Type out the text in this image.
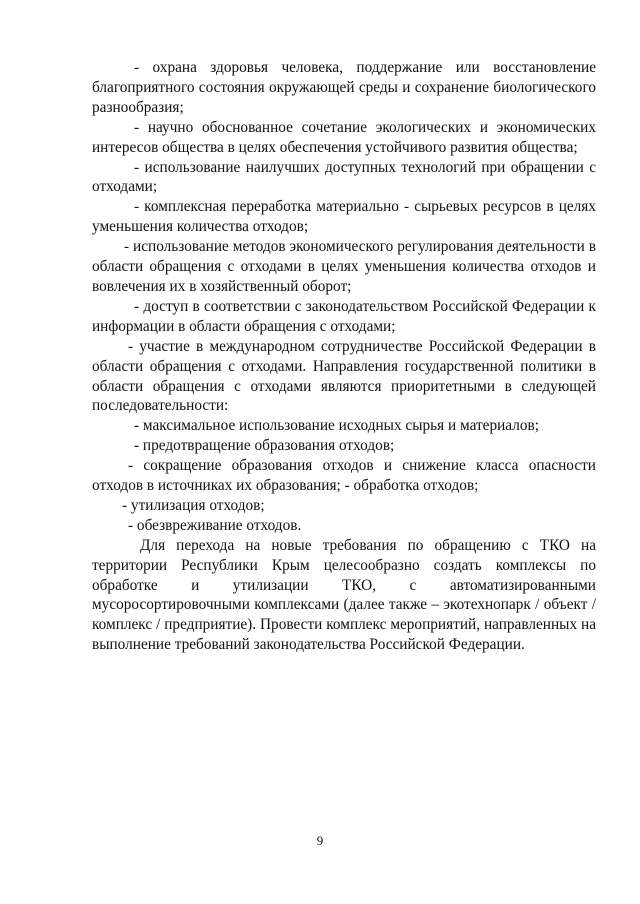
- охрана здоровья человека, поддержание или восстановление благоприятного состояния окружающей среды и сохранение биологического разнообразия;

- научно обоснованное сочетание экологических и экономических интересов общества в целях обеспечения устойчивого развития общества;

- использование наилучших доступных технологий при обращении с отходами;

- комплексная переработка материально - сырьевых ресурсов в целях уменьшения количества отходов;

- использование методов экономического регулирования деятельности в области обращения с отходами в целях уменьшения количества отходов и вовлечения их в хозяйственный оборот;

- доступ в соответствии с законодательством Российской Федерации к информации в области обращения с отходами;

- участие в международном сотрудничестве Российской Федерации в области обращения с отходами. Направления государственной политики в области обращения с отходами являются приоритетными в следующей последовательности:

- максимальное использование исходных сырья и материалов;

- предотвращение образования отходов;

- сокращение образования отходов и снижение класса опасности отходов в источниках их образования; - обработка отходов;

- утилизация отходов;

- обезвреживание отходов.

Для перехода на новые требования по обращению с ТКО на территории Республики Крым целесообразно создать комплексы по обработке и утилизации ТКО, с автоматизированными мусоросортировочными комплексами (далее также – экотехнопарк / объект / комплекс / предприятие). Провести комплекс мероприятий, направленных на выполнение требований законодательства Российской Федерации.

9
